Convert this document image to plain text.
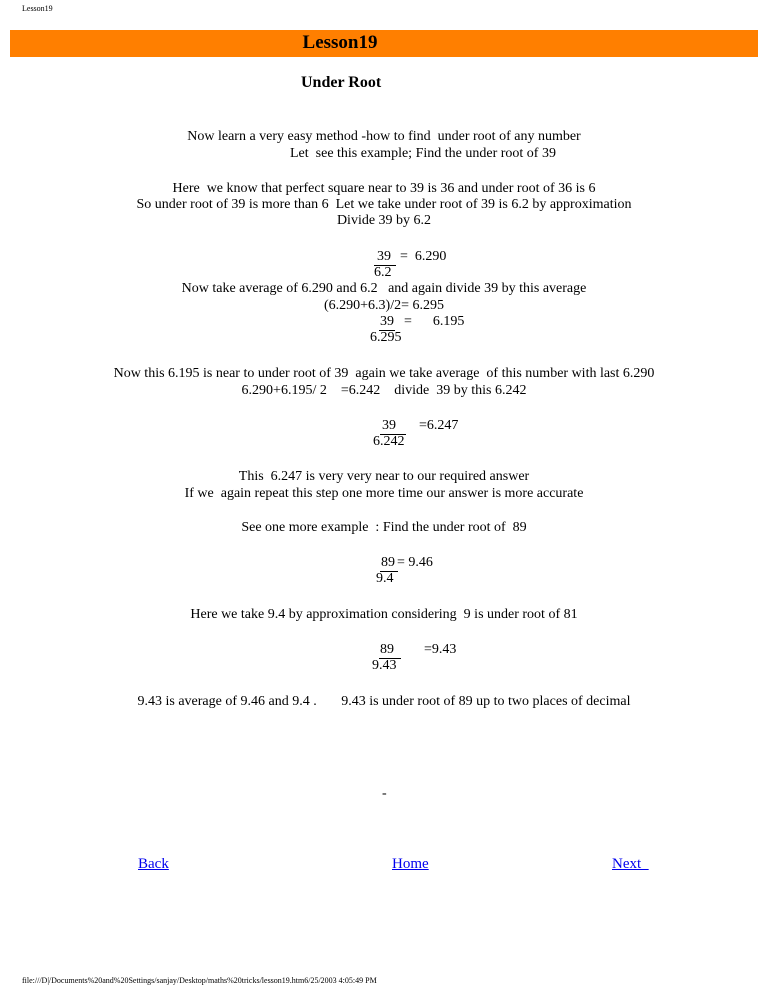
Lesson19
Lesson19
Under Root
Now learn a very easy method -how to find  under root of any number
Let  see this example; Find the under root of 39
Here  we know that perfect square near to 39 is 36 and under root of 36 is 6
So under root of 39 is more than 6  Let we take under root of 39 is 6.2 by approximation
Divide 39 by 6.2
39
6.2
=  6.290
Now take average of 6.290 and 6.2   and again divide 39 by this average
(6.290+6.3)/2= 6.295
39
6.295
=      6.195
Now this 6.195 is near to under root of 39  again we take average  of this number with last 6.290
6.290+6.195/ 2    =6.242    divide  39 by this 6.242
39
6.242
=6.247
This  6.247 is very very near to our required answer
If we  again repeat this step one more time our answer is more accurate
See one more example  : Find the under root of  89
89
9.4
= 9.46
Here we take 9.4 by approximation considering  9 is under root of 81
89
9.43
=9.43
9.43 is average of 9.46 and 9.4 .       9.43 is under root of 89 up to two places of decimal
-
Back	Home	Next
file:///D|/Documents%20and%20Settings/sanjay/Desktop/maths%20tricks/lesson19.htm6/25/2003 4:05:49 PM
